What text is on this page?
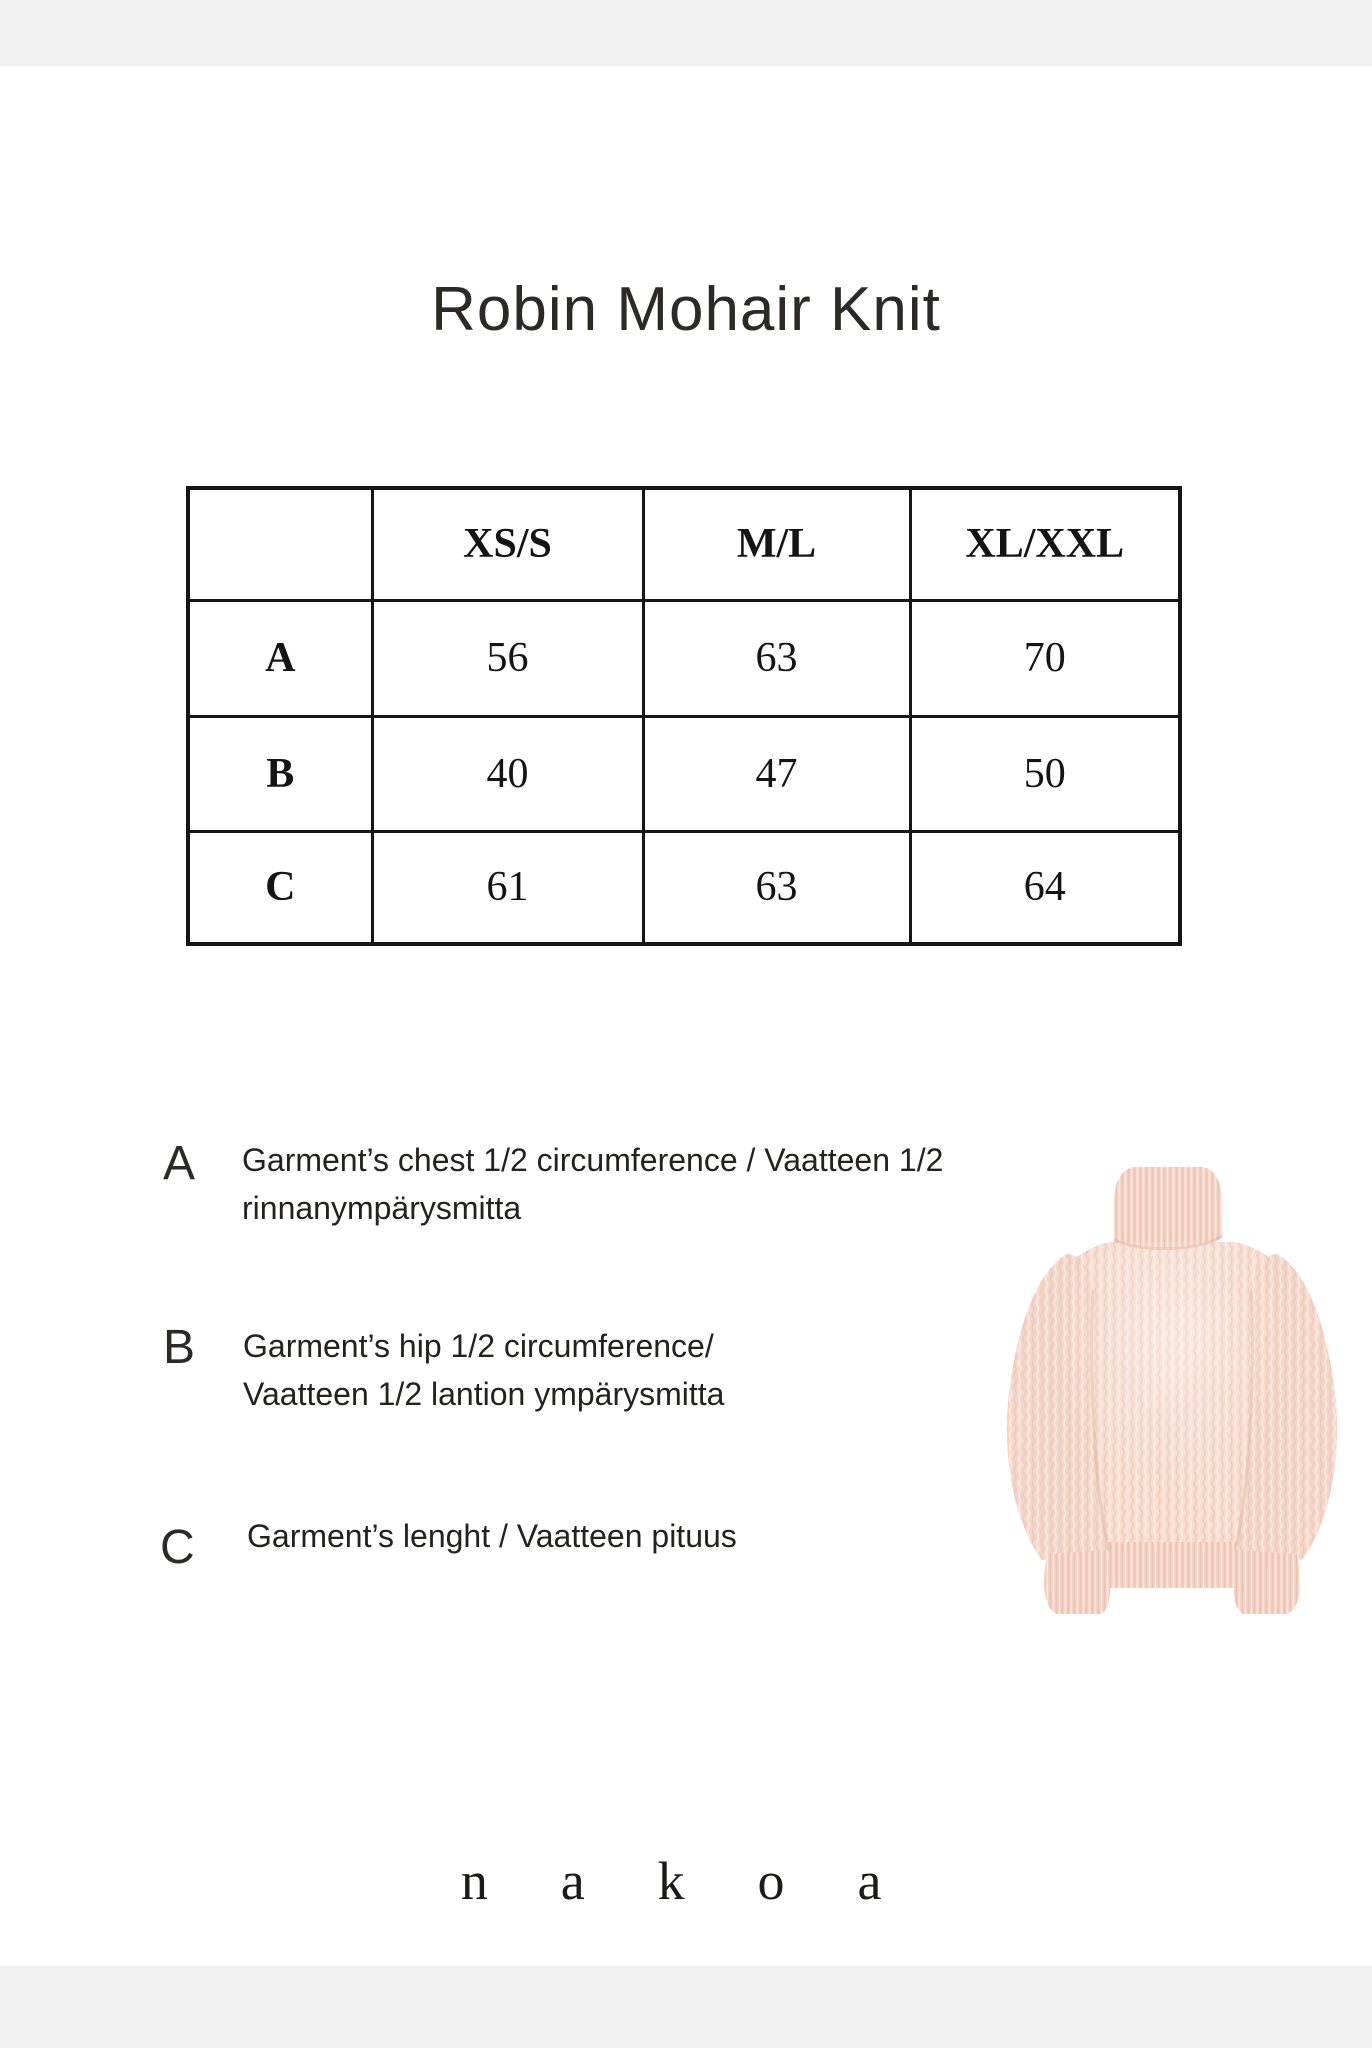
Robin Mohair Knit
	XS/S	M/L	XL/XXL
A	56	63	70
B	40	47	50
C	61	63	64
A Garment’s chest 1/2 circumference / Vaatteen 1/2
rinnanympärysmitta
B Garment’s hip 1/2 circumference/
Vaatteen 1/2 lantion ympärysmitta
C Garment’s lenght / Vaatteen pituus
n a k o a
